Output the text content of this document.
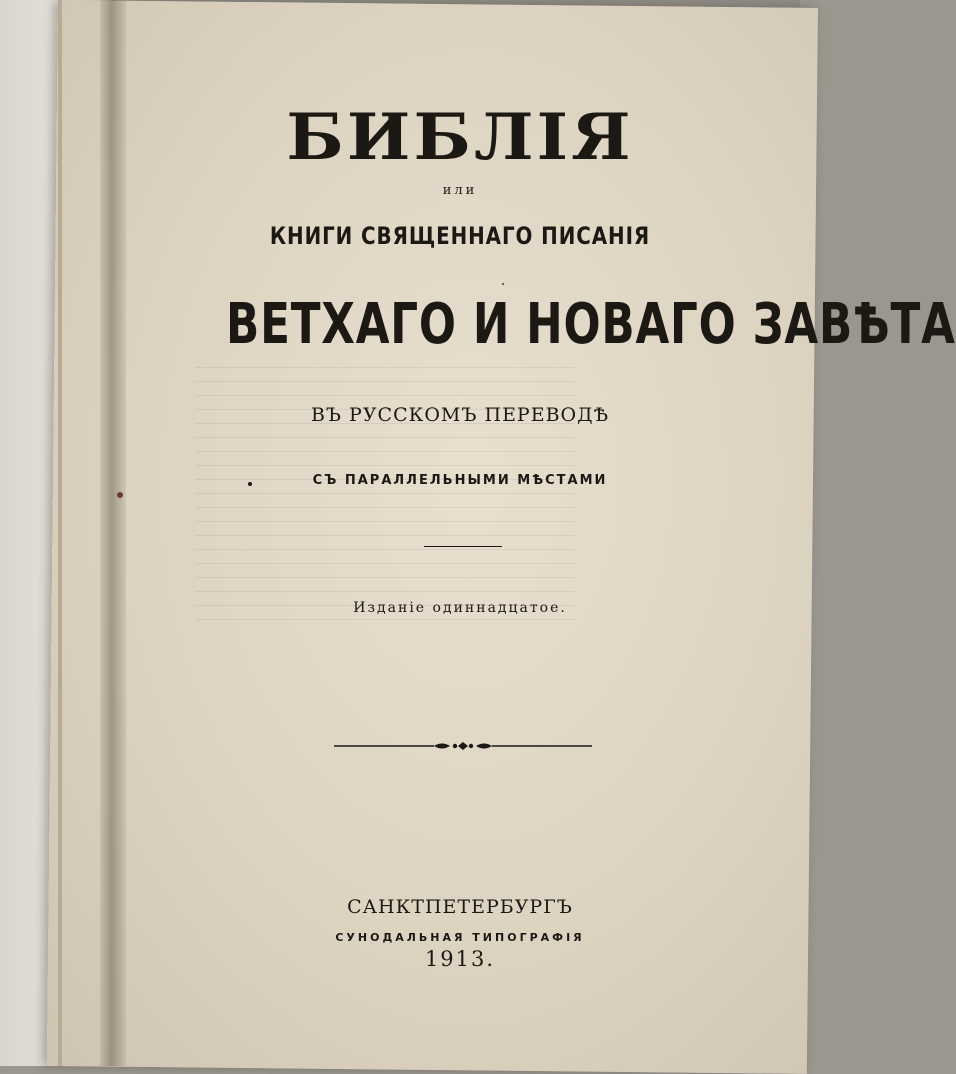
БИБЛІЯ
или
КНИГИ СВЯЩЕННАГО ПИСАНІЯ
ВЕТХАГО И НОВАГО ЗАВѢТА
ВЪ РУССКОМЪ ПЕРЕВОДѢ
СЪ ПАРАЛЛЕЛЬНЫМИ МѢСТАМИ
Изданіе одиннадцатое.
САНКТПЕТЕРБУРГЪ
СУНОДАЛЬНАЯ ТИПОГРАФІЯ
1913.
